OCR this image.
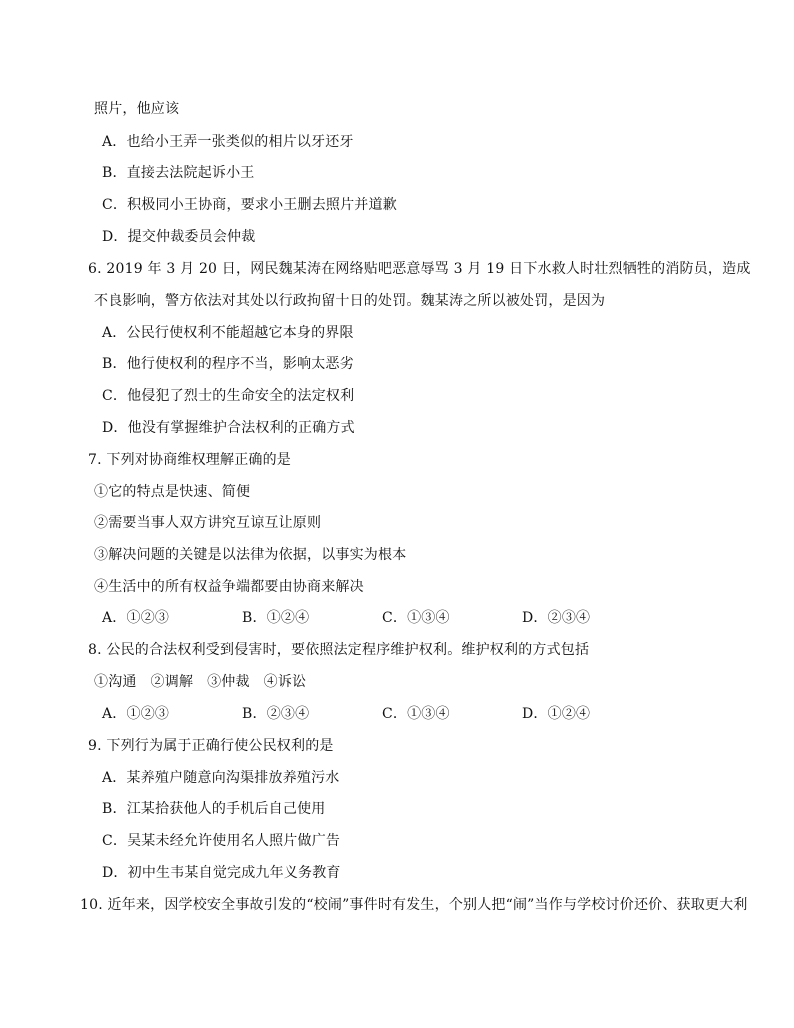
照片，他应该
A．也给小王弄一张类似的相片以牙还牙
B．直接去法院起诉小王
C．积极同小王协商，要求小王删去照片并道歉
D．提交仲裁委员会仲裁
6. 2019 年 3 月 20 日，网民魏某涛在网络贴吧恶意辱骂 3 月 19 日下水救人时壮烈牺牲的消防员，造成
不良影响，警方依法对其处以行政拘留十日的处罚。魏某涛之所以被处罚，是因为
A．公民行使权利不能超越它本身的界限
B．他行使权利的程序不当，影响太恶劣
C．他侵犯了烈士的生命安全的法定权利
D．他没有掌握维护合法权利的正确方式
7. 下列对协商维权理解正确的是
①它的特点是快速、简便
②需要当事人双方讲究互谅互让原则
③解决问题的关键是以法律为依据，以事实为根本
④生活中的所有权益争端都要由协商来解决
A．①②③	B．①②④	C．①③④	D．②③④
8. 公民的合法权利受到侵害时，要依照法定程序维护权利。维护权利的方式包括
①沟通   ②调解   ③仲裁   ④诉讼
A．①②③	B．②③④	C．①③④	D．①②④
9. 下列行为属于正确行使公民权利的是
A．某养殖户随意向沟渠排放养殖污水
B．江某拾获他人的手机后自己使用
C．吴某未经允许使用名人照片做广告
D．初中生韦某自觉完成九年义务教育
10. 近年来，因学校安全事故引发的“校闹”事件时有发生，个别人把“闹”当作与学校讨价还价、获取更大利
